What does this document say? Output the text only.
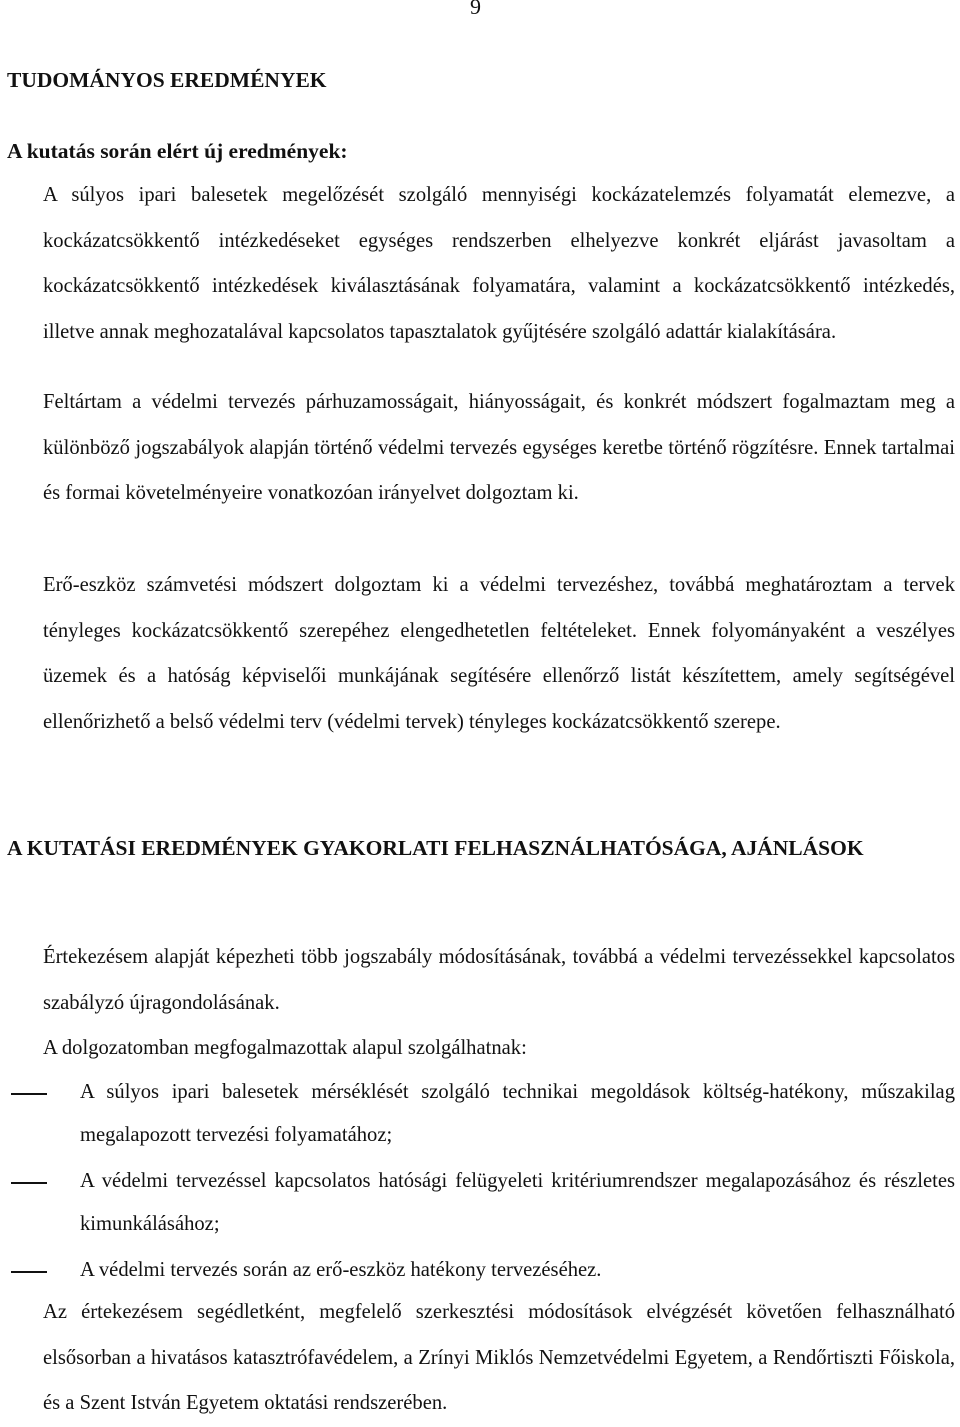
9
TUDOMÁNYOS EREDMÉNYEK
A kutatás során elért új eredmények:

A súlyos ipari balesetek megelőzését szolgáló mennyiségi kockázatelemzés folyamatát elemezve, a kockázatcsökkentő intézkedéseket egységes rendszerben elhelyezve konkrét eljárást javasoltam a kockázatcsökkentő intézkedések kiválasztásának folyamatára, valamint a kockázatcsökkentő intézkedés, illetve annak meghozatalával kapcsolatos tapasztalatok gyűjtésére szolgáló adattár kialakítására.

Feltártam a védelmi tervezés párhuzamosságait, hiányosságait, és konkrét módszert fogalmaztam meg a különböző jogszabályok alapján történő védelmi tervezés egységes keretbe történő rögzítésre. Ennek tartalmai és formai követelményeire vonatkozóan irányelvet dolgoztam ki.

Erő-eszköz számvetési módszert dolgoztam ki a védelmi tervezéshez, továbbá meghatároztam a tervek tényleges kockázatcsökkentő szerepéhez elengedhetetlen feltételeket. Ennek folyományaként a veszélyes üzemek és a hatóság képviselői munkájának segítésére ellenőrző listát készítettem, amely segítségével ellenőrizhető a belső védelmi terv (védelmi tervek) tényleges kockázatcsökkentő szerepe.

A KUTATÁSI EREDMÉNYEK GYAKORLATI FELHASZNÁLHATÓSÁGA, AJÁNLÁSOK

Értekezésem alapját képezheti több jogszabály módosításának, továbbá a védelmi tervezéssekkel kapcsolatos szabályzó újragondolásának.

A dolgozatomban megfogalmazottak alapul szolgálhatnak:

A súlyos ipari balesetek mérséklését szolgáló technikai megoldások költség-hatékony, műszakilag megalapozott tervezési folyamatához;
A védelmi tervezéssel kapcsolatos hatósági felügyeleti kritériumrendszer megalapozásához és részletes kimunkálásához;
A védelmi tervezés során az erő-eszköz hatékony tervezéséhez.

Az értekezésem segédletként, megfelelő szerkesztési módosítások elvégzését követően felhasználható elsősorban a hivatásos katasztrófavédelem, a Zrínyi Miklós Nemzetvédelmi Egyetem, a Rendőrtiszti Főiskola, és a Szent István Egyetem oktatási rendszerében.
